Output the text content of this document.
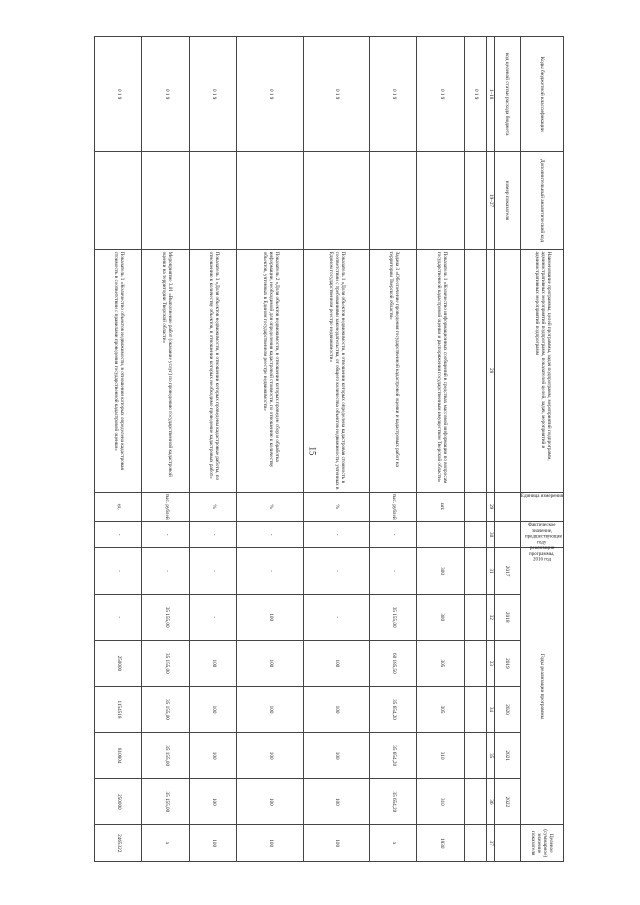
15
Коды бюджетной классификации	Дополнительный аналитический код	Наименование программы, целей программы, задач подпрограмм, мероприятий подпрограмм, административных мероприятий подпрограмм, показателей целей, задач, мероприятий и административных мероприятий подпрограмм	Единица измерения	Фактическое значение, предшествующее году реализации программы, 2016 год	Годы реализации программы						Целевое (суммарное) значение показателя
код целевой статьи расхода бюджета	номер показателя				2017	2018	2019	2020	2021	2022	
1–18	19–27	28	29	30	31	32	33	34	35	36	37
0 1 9											
0 1 9		Показатель 1 «Количество информационных сообщений в средствах массовой информации по вопросам государственной кадастровой оценки и распоряжения государственным имуществом Тверской области»	шт.		300	300	305	305	310	310	1830
0 1 9		Задача 3 «Обеспечение проведения государственной кадастровой оценки и кадастровых работ на территории Тверской области»	тыс. рублей	-	-	35 155,00	60 185,50	35 654,20	35 654,20	35 654,20	x
0 1 9		Показатель 1 «Доля объектов недвижимости, в отношении которых определена кадастровая стоимость в соответствии с требованиями законодательства, от общего количества объектов недвижимости, учтенных в Едином государственном реестре недвижимости»	%	-	-	-	100	100	100	100	100
0 1 9		Показатель 2 «Доля объектов недвижимости, в отношении которых проведен сбор и обработка информации, необходимой для определения кадастровой стоимости, по отношению к количеству объектов, учтенных в Едином государственном реестре недвижимости»	%	-	-	100	100	100	100	100	100
0 1 9		Показатель 3 «Доля объектов недвижимости, в отношении которых проведены кадастровые работы, по отношению к количеству объектов, в отношении которых необходимо проведение кадастровых работ»	%	-	-	-	100	100	100	100	100
0 1 9		Мероприятие 3.01 «Выполнение работ (оказание услуг) по проведению государственной кадастровой оценки на территории Тверской области»	тыс. рублей	-	-	35 155,00	35 155,00	35 155,00	35 155,00	35 155,00	x
0 1 9		Показатель 1 «Количество объектов недвижимости, в отношении которых определена кадастровая стоимость в соответствии с правилами проведения государственной кадастровой оценки»	ед.	-	-	-	250000	1154518	810804	250000	2465322
